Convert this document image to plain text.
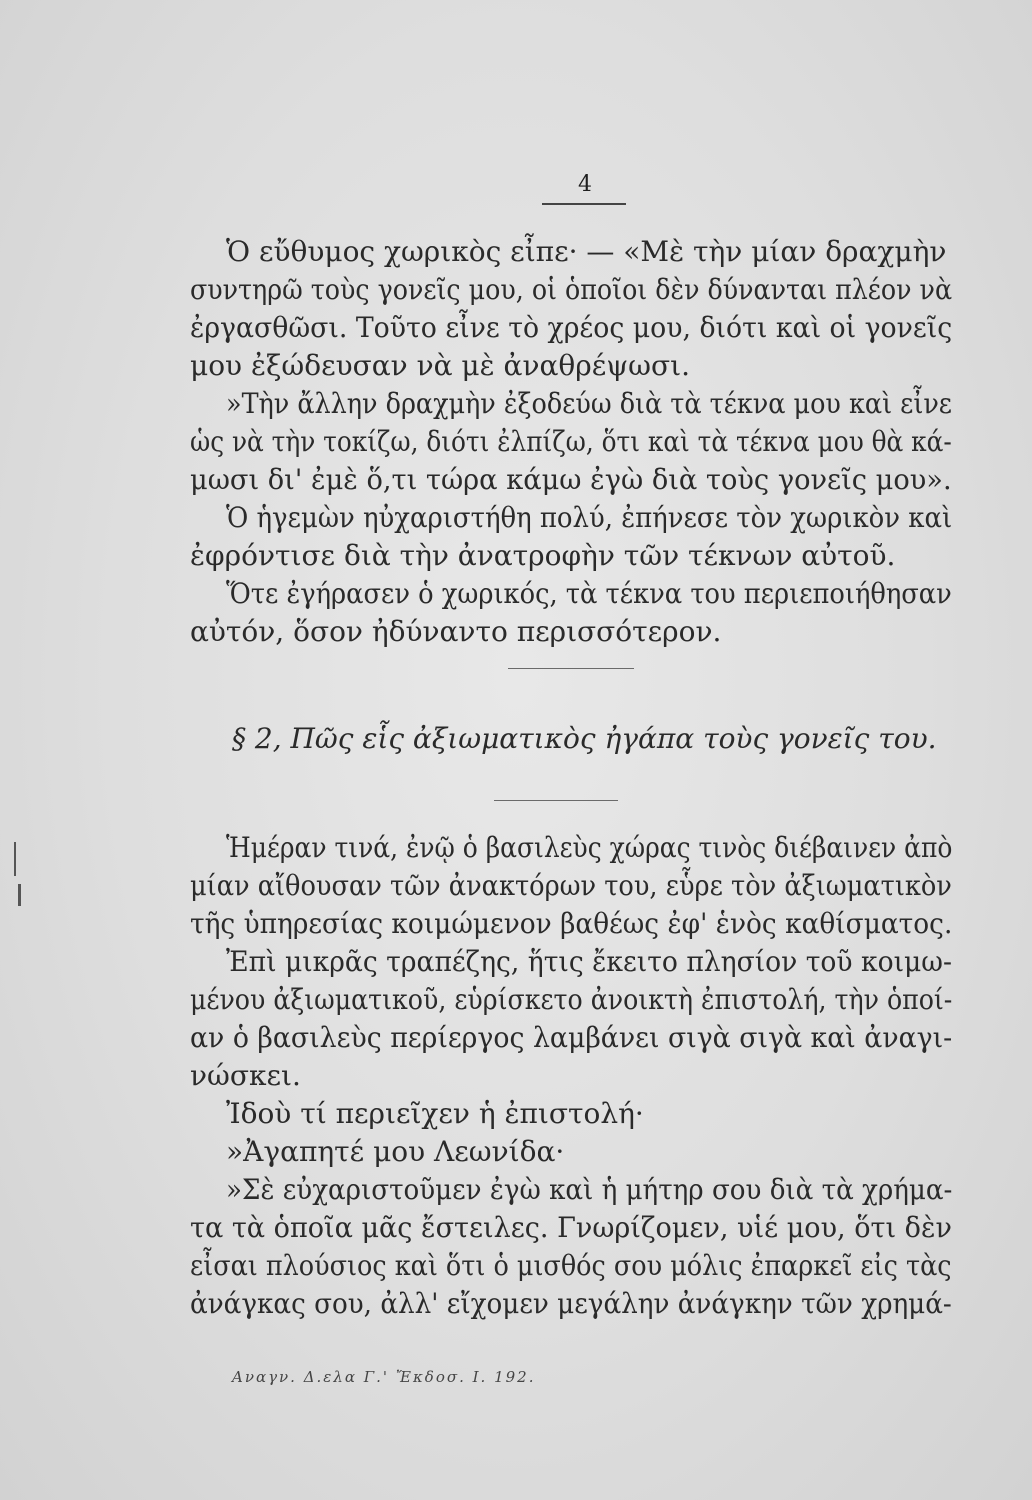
4
Ὁ εὔθυμος χωρικὸς εἶπε· — «Μὲ τὴν μίαν δραχμὴν
συντηρῶ τοὺς γονεῖς μου, οἱ ὁποῖοι δὲν δύνανται πλέον νὰ
ἐργασθῶσι. Τοῦτο εἶνε τὸ χρέος μου, διότι καὶ οἱ γονεῖς
μου ἐξώδευσαν νὰ μὲ ἀναθρέψωσι.
»Τὴν ἄλλην δραχμὴν ἐξοδεύω διὰ τὰ τέκνα μου καὶ εἶνε
ὡς νὰ τὴν τοκίζω, διότι ἐλπίζω, ὅτι καὶ τὰ τέκνα μου θὰ κά-
μωσι δι' ἐμὲ ὅ,τι τώρα κάμω ἐγὼ διὰ τοὺς γονεῖς μου».
Ὁ ἡγεμὼν ηὐχαριστήθη πολύ, ἐπήνεσε τὸν χωρικὸν καὶ
ἐφρόντισε διὰ τὴν ἀνατροφὴν τῶν τέκνων αὐτοῦ.
Ὅτε ἐγήρασεν ὁ χωρικός, τὰ τέκνα του περιεποιήθησαν
αὐτόν, ὅσον ἠδύναντο περισσότερον.
§ 2, Πῶς εἷς ἀξιωματικὸς ἠγάπα τοὺς γονεῖς του.
Ἡμέραν τινά, ἐνῷ ὁ βασιλεὺς χώρας τινὸς διέβαινεν ἀπὸ
μίαν αἴθουσαν τῶν ἀνακτόρων του, εὗρε τὸν ἀξιωματικὸν
τῆς ὑπηρεσίας κοιμώμενον βαθέως ἐφ' ἑνὸς καθίσματος.
Ἐπὶ μικρᾶς τραπέζης, ἥτις ἔκειτο πλησίον τοῦ κοιμω-
μένου ἀξιωματικοῦ, εὑρίσκετο ἀνοικτὴ ἐπιστολή, τὴν ὁποί-
αν ὁ βασιλεὺς περίεργος λαμβάνει σιγὰ σιγὰ καὶ ἀναγι-
νώσκει.
Ἰδοὺ τί περιεῖχεν ἡ ἐπιστολή·
»Ἀγαπητέ μου Λεωνίδα·
»Σὲ εὐχαριστοῦμεν ἐγὼ καὶ ἡ μήτηρ σου διὰ τὰ χρήμα-
τα τὰ ὁποῖα μᾶς ἔστειλες. Γνωρίζομεν, υἱέ μου, ὅτι δὲν
εἶσαι πλούσιος καὶ ὅτι ὁ μισθός σου μόλις ἐπαρκεῖ εἰς τὰς
ἀνάγκας σου, ἀλλ' εἴχομεν μεγάλην ἀνάγκην τῶν χρημά-
Αναγν. Δ.ελα Γ.' Ἔκδοσ. Ι. 192.
